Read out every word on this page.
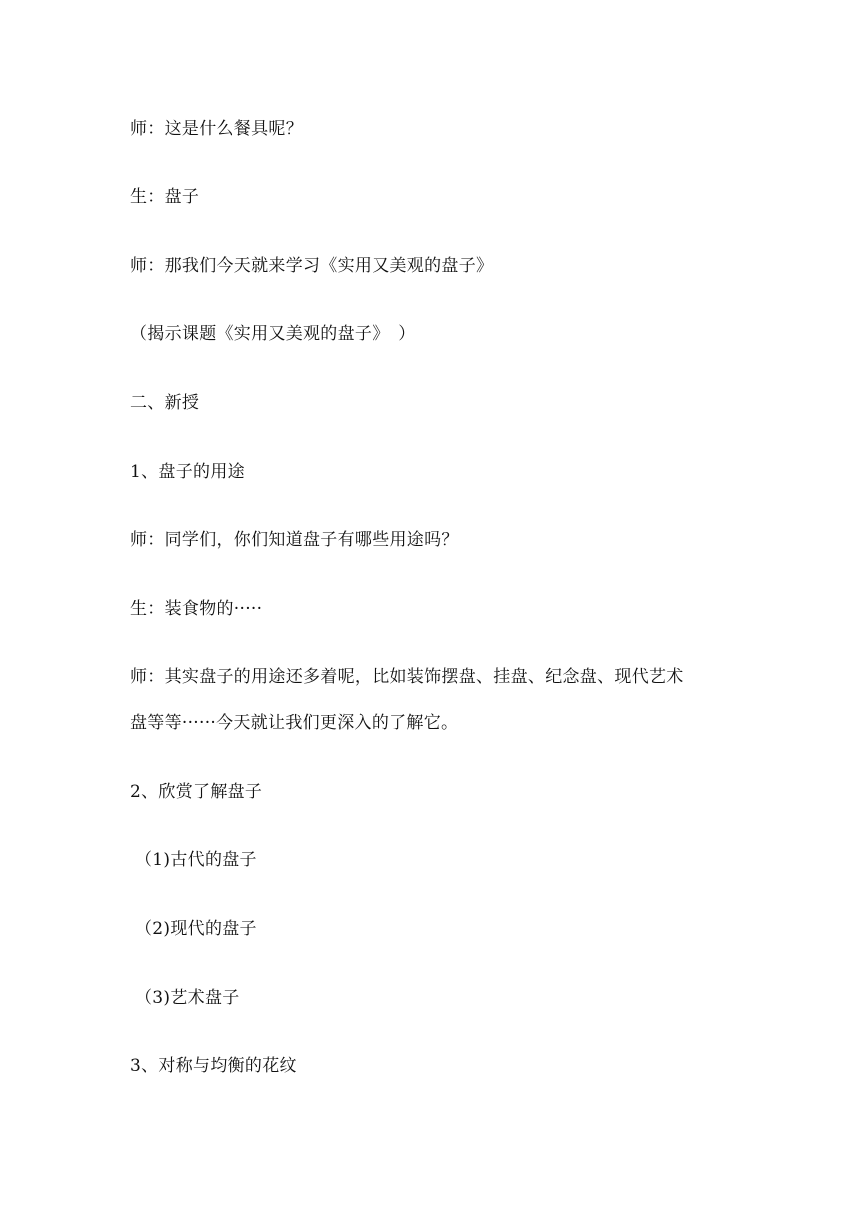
师：这是什么餐具呢？
生：盘子
师：那我们今天就来学习《实用又美观的盘子》
（揭示课题《实用又美观的盘子》　）
二、新授
1、盘子的用途
师：同学们，你们知道盘子有哪些用途吗？
生：装食物的·····
师：其实盘子的用途还多着呢，比如装饰摆盘、挂盘、纪念盘、现代艺术
盘等等······今天就让我们更深入的了解它。
2、欣赏了解盘子
（1)古代的盘子
（2)现代的盘子
（3)艺术盘子
3、对称与均衡的花纹
